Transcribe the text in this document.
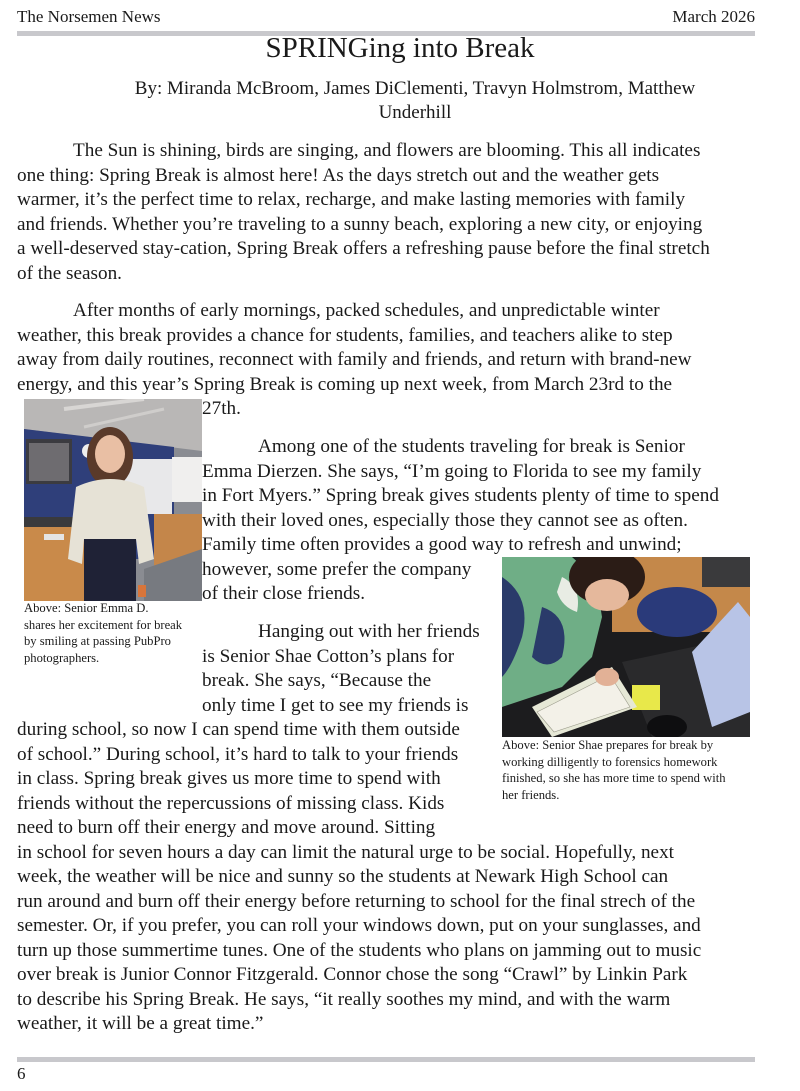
The Norsemen News	March 2026
SPRINGing into Break
By: Miranda McBroom, James DiClementi, Travyn Holmstrom, Matthew
Underhill
The Sun is shining, birds are singing, and flowers are blooming. This all indicates
one thing: Spring Break is almost here! As the days stretch out and the weather gets
warmer, it’s the perfect time to relax, recharge, and make lasting memories with family
and friends. Whether you’re traveling to a sunny beach, exploring a new city, or enjoying
a well-deserved stay-cation, Spring Break offers a refreshing pause before the final stretch
of the season.
After months of early mornings, packed schedules, and unpredictable winter
weather, this break provides a chance for students, families, and teachers alike to step
away from daily routines, reconnect with family and friends, and return with brand-new
energy, and this year’s Spring Break is coming up next week, from March 23rd to the
27th.
Above: Senior Emma D.
shares her excitement for break
by smiling at passing PubPro
photographers.
Among one of the students traveling for break is Senior
Emma Dierzen. She says, “I’m going to Florida to see my family
in Fort Myers.” Spring break gives students plenty of time to spend
with their loved ones, especially those they cannot see as often.
Family time often provides a good way to refresh and unwind;
however, some prefer the company
of their close friends.
Above: Senior Shae prepares for break by
working dilligently to forensics homework
finished, so she has more time to spend with
her friends.
Hanging out with her friends
is Senior Shae Cotton’s plans for
break. She says, “Because the
only time I get to see my friends is
during school, so now I can spend time with them outside
of school.” During school, it’s hard to talk to your friends
in class. Spring break gives us more time to spend with
friends without the repercussions of missing class. Kids
need to burn off their energy and move around. Sitting
in school for seven hours a day can limit the natural urge to be social. Hopefully, next
week, the weather will be nice and sunny so the students at Newark High School can
run around and burn off their energy before returning to school for the final strech of the
semester. Or, if you prefer, you can roll your windows down, put on your sunglasses, and
turn up those summertime tunes. One of the students who plans on jamming out to music
over break is Junior Connor Fitzgerald. Connor chose the song “Crawl” by Linkin Park
to describe his Spring Break. He says, “it really soothes my mind, and with the warm
weather, it will be a great time.”
6
